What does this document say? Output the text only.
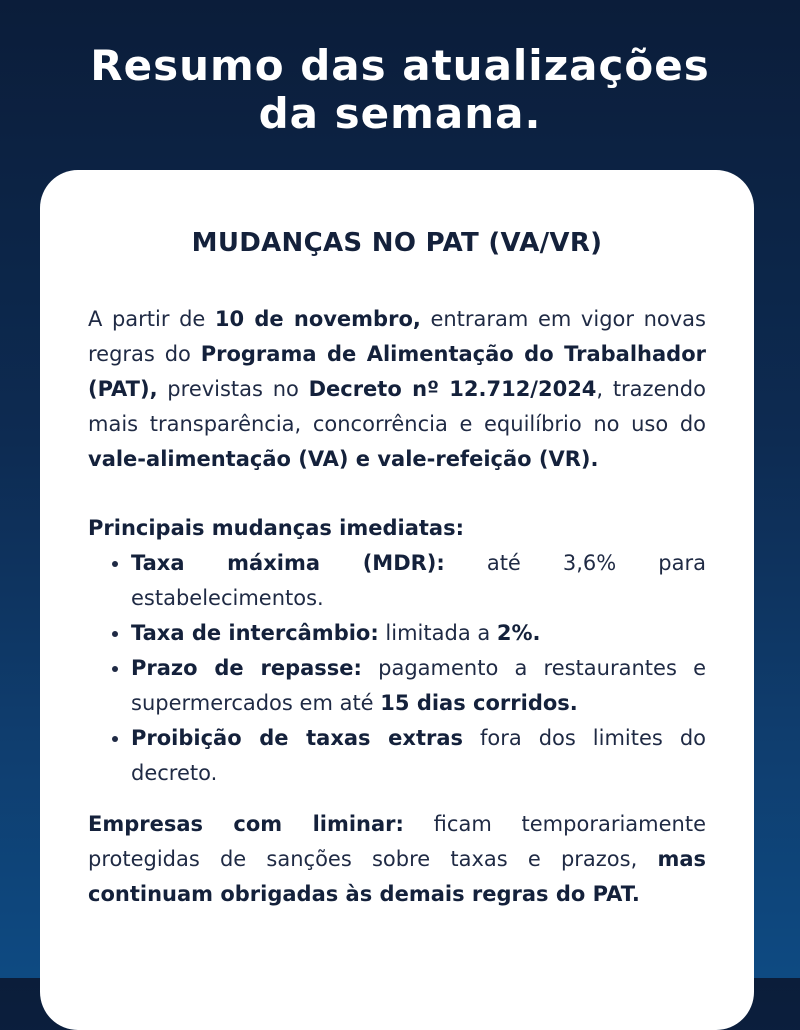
Resumo das atualizações
da semana.
MUDANÇAS NO PAT (VA/VR)

A partir de 10 de novembro, entraram em vigor novas regras do Programa de Alimentação do Trabalhador (PAT), previstas no Decreto nº 12.712/2024, trazendo mais transparência, concorrência e equilíbrio no uso do vale-alimentação (VA) e vale-refeição (VR).

Principais mudanças imediatas:
• Taxa máxima (MDR): até 3,6% para estabelecimentos.
• Taxa de intercâmbio: limitada a 2%.
• Prazo de repasse: pagamento a restaurantes e supermercados em até 15 dias corridos.
• Proibição de taxas extras fora dos limites do decreto.

Empresas com liminar: ficam temporariamente protegidas de sanções sobre taxas e prazos, mas continuam obrigadas às demais regras do PAT.
